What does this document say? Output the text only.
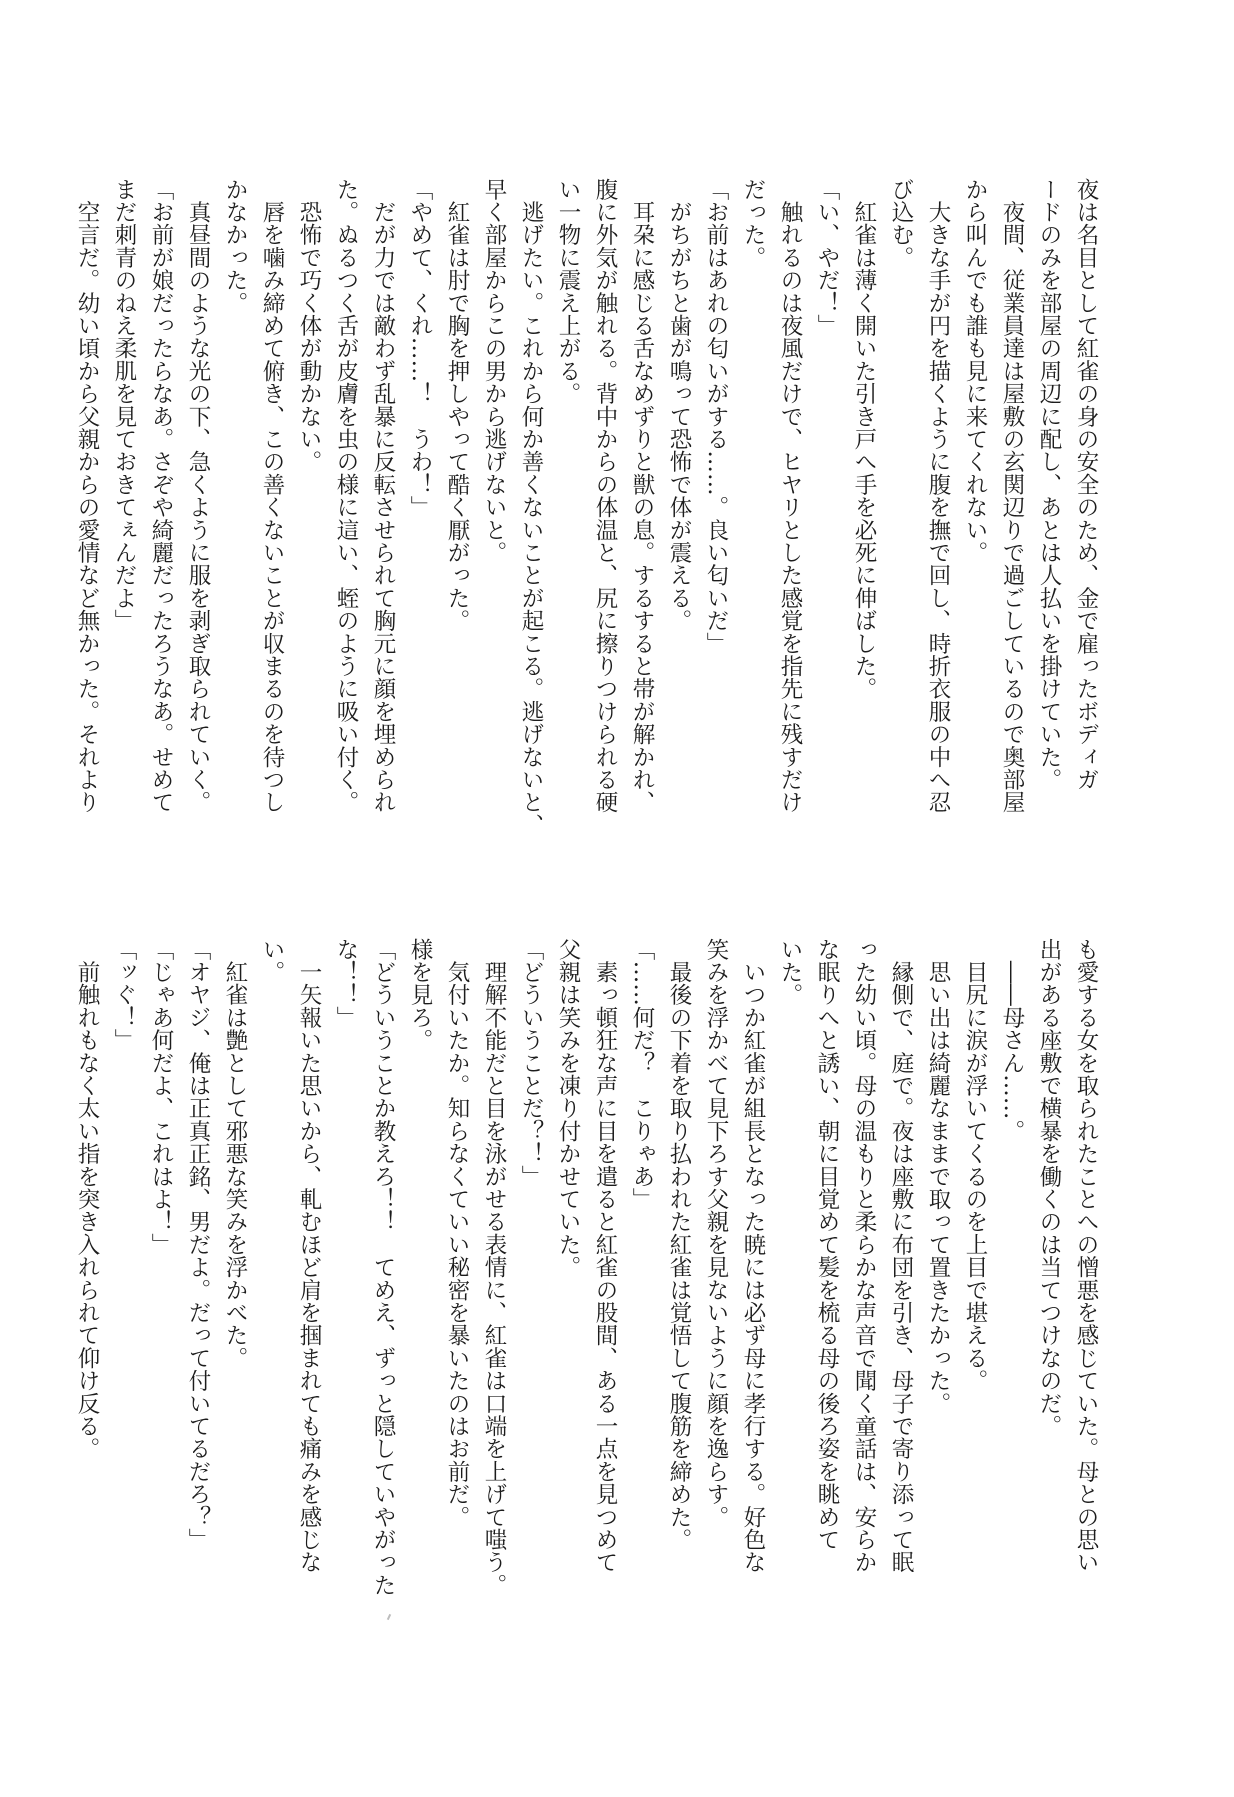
夜は名目として紅雀の身の安全のため、金で雇ったボディガ
ードのみを部屋の周辺に配し、あとは人払いを掛けていた。
　夜間、従業員達は屋敷の玄関辺りで過ごしているので奥部屋
から叫んでも誰も見に来てくれない。
　大きな手が円を描くように腹を撫で回し、時折衣服の中へ忍
び込む。
　紅雀は薄く開いた引き戸へ手を必死に伸ばした。
「い、やだ！」
　触れるのは夜風だけで、ヒヤリとした感覚を指先に残すだけ
だった。
「お前はあれの匂いがする……。良い匂いだ」
　がちがちと歯が鳴って恐怖で体が震える。
　耳朶に感じる舌なめずりと獣の息。するすると帯が解かれ、
腹に外気が触れる。背中からの体温と、尻に擦りつけられる硬
い一物に震え上がる。
　逃げたい。これから何か善くないことが起こる。逃げないと、
早く部屋からこの男から逃げないと。
　紅雀は肘で胸を押しやって酷く厭がった。
「やめて、くれ……！　うわ！」
　だが力では敵わず乱暴に反転させられて胸元に顔を埋められ
た。ぬるつく舌が皮膚を虫の様に這い、蛭のように吸い付く。
　恐怖で巧く体が動かない。
　唇を噛み締めて俯き、この善くないことが収まるのを待つし
かなかった。
　真昼間のような光の下、急くように服を剥ぎ取られていく。
「お前が娘だったらなあ。さぞや綺麗だったろうなあ。せめて
まだ刺青のねえ柔肌を見ておきてぇんだよ」
　空言だ。幼い頃から父親からの愛情など無かった。それより
も愛する女を取られたことへの憎悪を感じていた。母との思い
出がある座敷で横暴を働くのは当てつけなのだ。
　――母さん……。
　目尻に涙が浮いてくるのを上目で堪える。
　思い出は綺麗なままで取って置きたかった。
　縁側で、庭で。夜は座敷に布団を引き、母子で寄り添って眠
った幼い頃。母の温もりと柔らかな声音で聞く童話は、安らか
な眠りへと誘い、朝に目覚めて髪を梳る母の後ろ姿を眺めて
いた。
　いつか紅雀が組長となった暁には必ず母に孝行する。好色な
笑みを浮かべて見下ろす父親を見ないように顔を逸らす。
　最後の下着を取り払われた紅雀は覚悟して腹筋を締めた。
「……何だ？　こりゃあ」
　素っ頓狂な声に目を遣ると紅雀の股間、ある一点を見つめて
父親は笑みを凍り付かせていた。
「どういうことだ？！」
　理解不能だと目を泳がせる表情に、紅雀は口端を上げて嗤う。
　気付いたか。知らなくていい秘密を暴いたのはお前だ。
様を見ろ。
「どういうことか教えろ！！　てめえ、ずっと隠していやがった
な！！」
　一矢報いた思いから、軋むほど肩を掴まれても痛みを感じな
い。
　紅雀は艶として邪悪な笑みを浮かべた。
「オヤジ、俺は正真正銘、男だよ。だって付いてるだろ？」
「じゃあ何だよ、これはよ！」
「ッぐ！」
　前触れもなく太い指を突き入れられて仰け反る。
